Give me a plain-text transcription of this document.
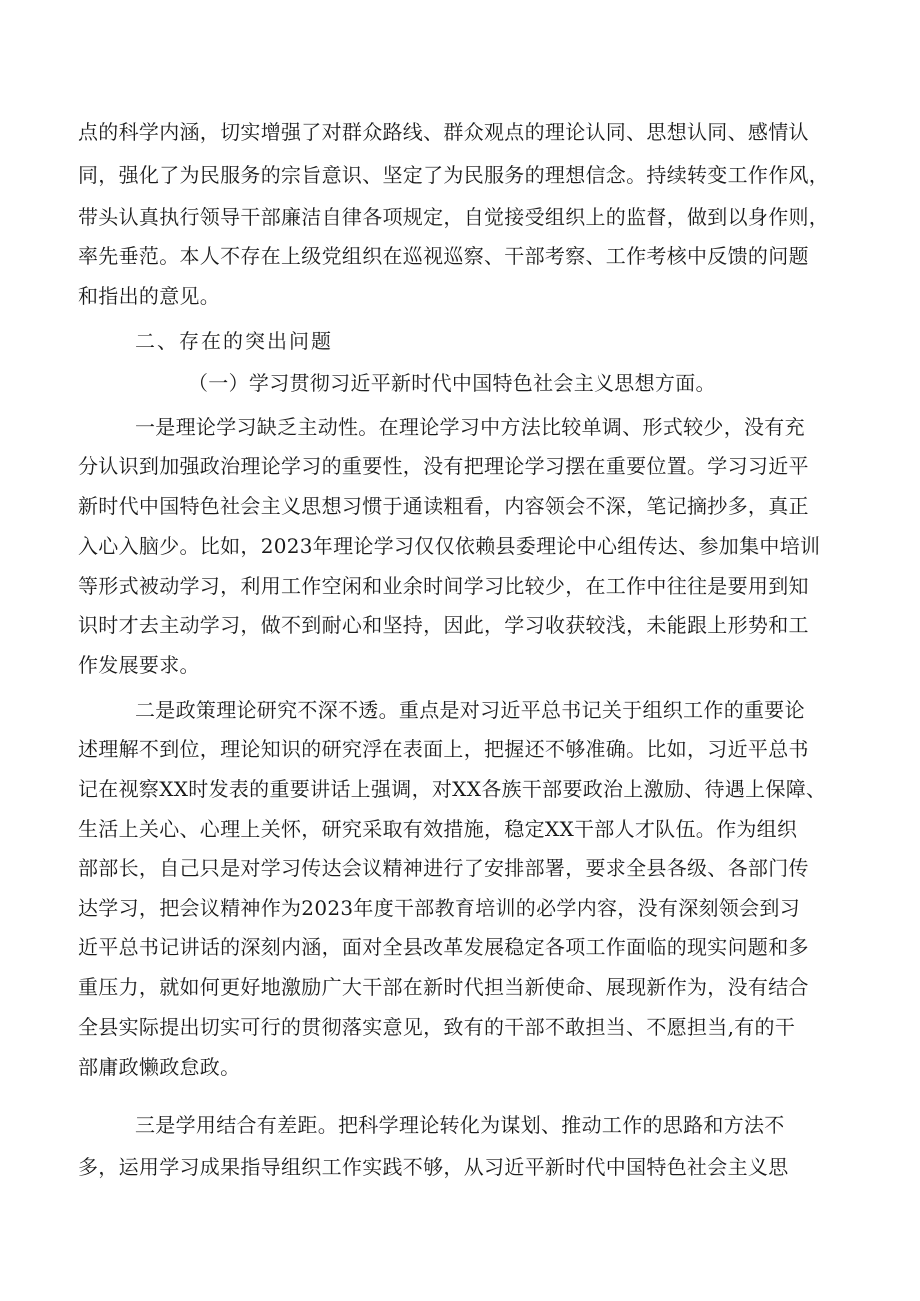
点的科学内涵，切实增强了对群众路线、群众观点的理论认同、思想认同、感情认
同，强化了为民服务的宗旨意识、坚定了为民服务的理想信念。持续转变工作作风，
带头认真执行领导干部廉洁自律各项规定，自觉接受组织上的监督，做到以身作则，
率先垂范。本人不存在上级党组织在巡视巡察、干部考察、工作考核中反馈的问题
和指出的意见。
二、存在的突出问题
（一）学习贯彻习近平新时代中国特色社会主义思想方面。
一是理论学习缺乏主动性。在理论学习中方法比较单调、形式较少，没有充
分认识到加强政治理论学习的重要性，没有把理论学习摆在重要位置。学习习近平
新时代中国特色社会主义思想习惯于通读粗看，内容领会不深，笔记摘抄多，真正
入心入脑少。比如，2023年理论学习仅仅依赖县委理论中心组传达、参加集中培训
等形式被动学习，利用工作空闲和业余时间学习比较少，在工作中往往是要用到知
识时才去主动学习，做不到耐心和坚持，因此，学习收获较浅，未能跟上形势和工
作发展要求。
二是政策理论研究不深不透。重点是对习近平总书记关于组织工作的重要论
述理解不到位，理论知识的研究浮在表面上，把握还不够准确。比如，习近平总书
记在视察XX时发表的重要讲话上强调，对XX各族干部要政治上激励、待遇上保障、
生活上关心、心理上关怀，研究采取有效措施，稳定XX干部人才队伍。作为组织
部部长，自己只是对学习传达会议精神进行了安排部署，要求全县各级、各部门传
达学习，把会议精神作为2023年度干部教育培训的必学内容，没有深刻领会到习
近平总书记讲话的深刻内涵，面对全县改革发展稳定各项工作面临的现实问题和多
重压力，就如何更好地激励广大干部在新时代担当新使命、展现新作为，没有结合
全县实际提出切实可行的贯彻落实意见，致有的干部不敢担当、不愿担当,有的干
部庸政懒政怠政。
三是学用结合有差距。把科学理论转化为谋划、推动工作的思路和方法不
多，运用学习成果指导组织工作实践不够，从习近平新时代中国特色社会主义思
